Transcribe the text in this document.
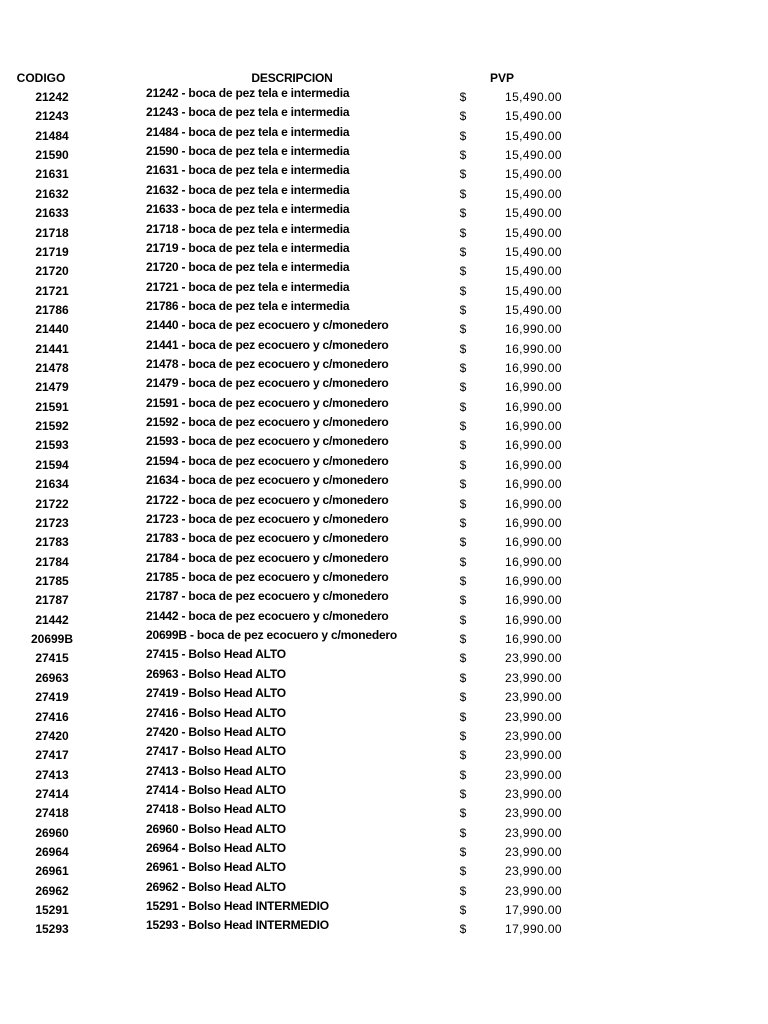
CODIGO	DESCRIPCION	PVP
21242	21242 - boca de pez tela e intermedia	$	15,490.00
21243	21243 - boca de pez tela e intermedia	$	15,490.00
21484	21484 - boca de pez tela e intermedia	$	15,490.00
21590	21590 - boca de pez tela e intermedia	$	15,490.00
21631	21631 - boca de pez tela e intermedia	$	15,490.00
21632	21632 - boca de pez tela e intermedia	$	15,490.00
21633	21633 - boca de pez tela e intermedia	$	15,490.00
21718	21718 - boca de pez tela e intermedia	$	15,490.00
21719	21719 - boca de pez tela e intermedia	$	15,490.00
21720	21720 - boca de pez tela e intermedia	$	15,490.00
21721	21721 - boca de pez tela e intermedia	$	15,490.00
21786	21786 - boca de pez tela e intermedia	$	15,490.00
21440	21440 - boca de pez ecocuero y c/monedero	$	16,990.00
21441	21441 - boca de pez ecocuero y c/monedero	$	16,990.00
21478	21478 - boca de pez ecocuero y c/monedero	$	16,990.00
21479	21479 - boca de pez ecocuero y c/monedero	$	16,990.00
21591	21591 - boca de pez ecocuero y c/monedero	$	16,990.00
21592	21592 - boca de pez ecocuero y c/monedero	$	16,990.00
21593	21593 - boca de pez ecocuero y c/monedero	$	16,990.00
21594	21594 - boca de pez ecocuero y c/monedero	$	16,990.00
21634	21634 - boca de pez ecocuero y c/monedero	$	16,990.00
21722	21722 - boca de pez ecocuero y c/monedero	$	16,990.00
21723	21723 - boca de pez ecocuero y c/monedero	$	16,990.00
21783	21783 - boca de pez ecocuero y c/monedero	$	16,990.00
21784	21784 - boca de pez ecocuero y c/monedero	$	16,990.00
21785	21785 - boca de pez ecocuero y c/monedero	$	16,990.00
21787	21787 - boca de pez ecocuero y c/monedero	$	16,990.00
21442	21442 - boca de pez ecocuero y c/monedero	$	16,990.00
20699B	20699B - boca de pez ecocuero y c/monedero	$	16,990.00
27415	27415 - Bolso Head ALTO	$	23,990.00
26963	26963 - Bolso Head ALTO	$	23,990.00
27419	27419 - Bolso Head ALTO	$	23,990.00
27416	27416 - Bolso Head ALTO	$	23,990.00
27420	27420 - Bolso Head ALTO	$	23,990.00
27417	27417 - Bolso Head ALTO	$	23,990.00
27413	27413 - Bolso Head ALTO	$	23,990.00
27414	27414 - Bolso Head ALTO	$	23,990.00
27418	27418 - Bolso Head ALTO	$	23,990.00
26960	26960 - Bolso Head ALTO	$	23,990.00
26964	26964 - Bolso Head ALTO	$	23,990.00
26961	26961 - Bolso Head ALTO	$	23,990.00
26962	26962 - Bolso Head ALTO	$	23,990.00
15291	15291 - Bolso Head INTERMEDIO	$	17,990.00
15293	15293 - Bolso Head INTERMEDIO	$	17,990.00
